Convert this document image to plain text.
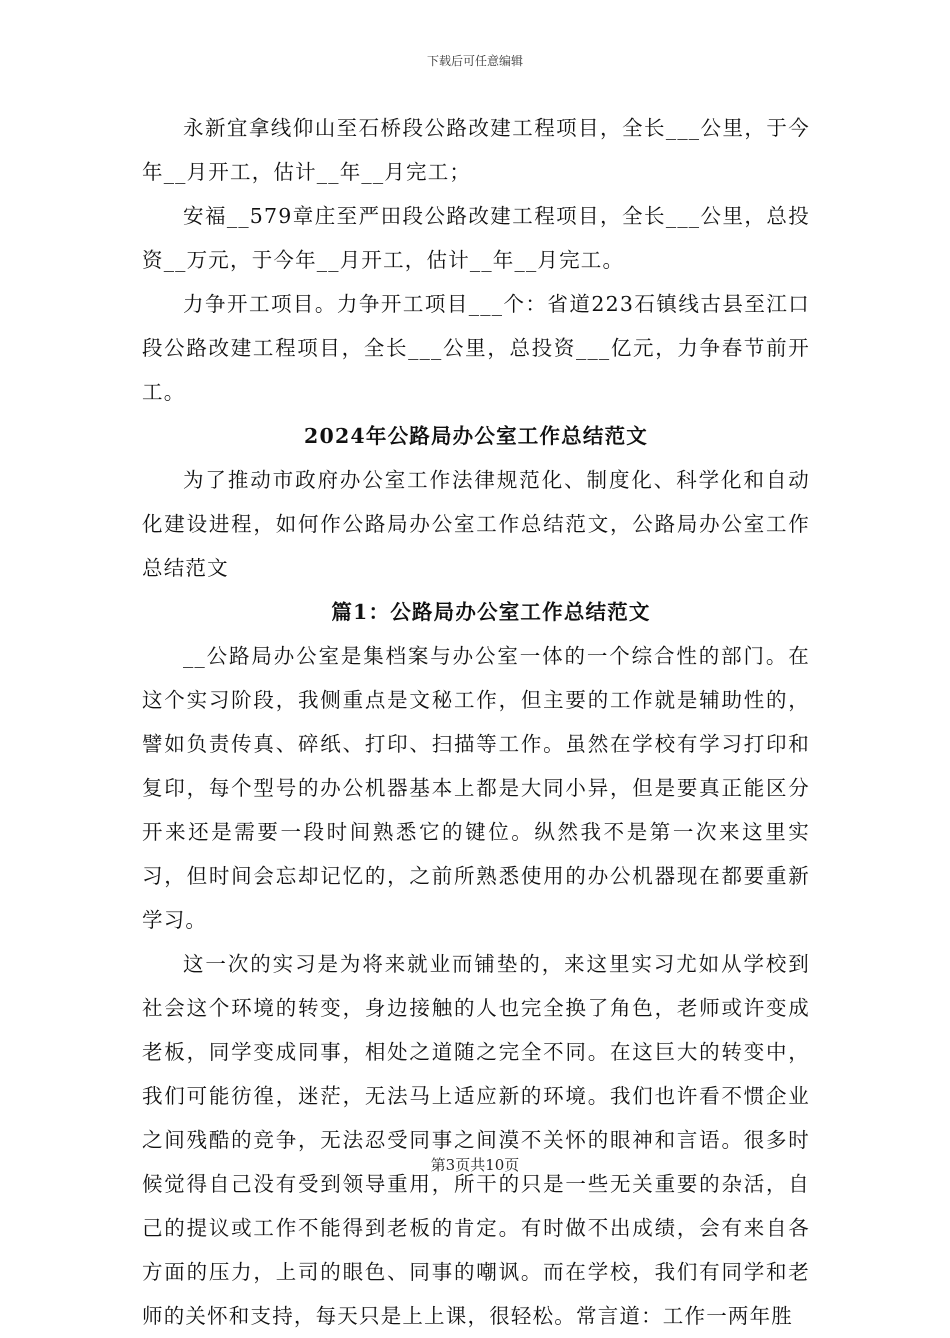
下载后可任意编辑

永新宜拿线仰山至石桥段公路改建工程项目，全长___公里，于今年__月开工，估计__年__月完工；

安福__579章庄至严田段公路改建工程项目，全长___公里，总投资__万元，于今年__月开工，估计__年__月完工。

力争开工项目。力争开工项目___个：省道223石镇线古县至江口段公路改建工程项目，全长___公里，总投资___亿元，力争春节前开工。

2024年公路局办公室工作总结范文

为了推动市政府办公室工作法律规范化、制度化、科学化和自动化建设进程，如何作公路局办公室工作总结范文，公路局办公室工作总结范文

篇1：公路局办公室工作总结范文

__公路局办公室是集档案与办公室一体的一个综合性的部门。在这个实习阶段，我侧重点是文秘工作，但主要的工作就是辅助性的，譬如负责传真、碎纸、打印、扫描等工作。虽然在学校有学习打印和复印，每个型号的办公机器基本上都是大同小异，但是要真正能区分开来还是需要一段时间熟悉它的键位。纵然我不是第一次来这里实习，但时间会忘却记忆的，之前所熟悉使用的办公机器现在都要重新学习。

这一次的实习是为将来就业而铺垫的，来这里实习尤如从学校到社会这个环境的转变，身边接触的人也完全换了角色，老师或许变成老板，同学变成同事，相处之道随之完全不同。在这巨大的转变中，我们可能彷徨，迷茫，无法马上适应新的环境。我们也许看不惯企业之间残酷的竞争，无法忍受同事之间漠不关怀的眼神和言语。很多时候觉得自己没有受到领导重用，所干的只是一些无关重要的杂活，自己的提议或工作不能得到老板的肯定。有时做不出成绩，会有来自各方面的压力，上司的眼色、同事的嘲讽。而在学校，我们有同学和老师的关怀和支持，每天只是上上课，很轻松。常言道：工作一两年胜

第3页共10页
